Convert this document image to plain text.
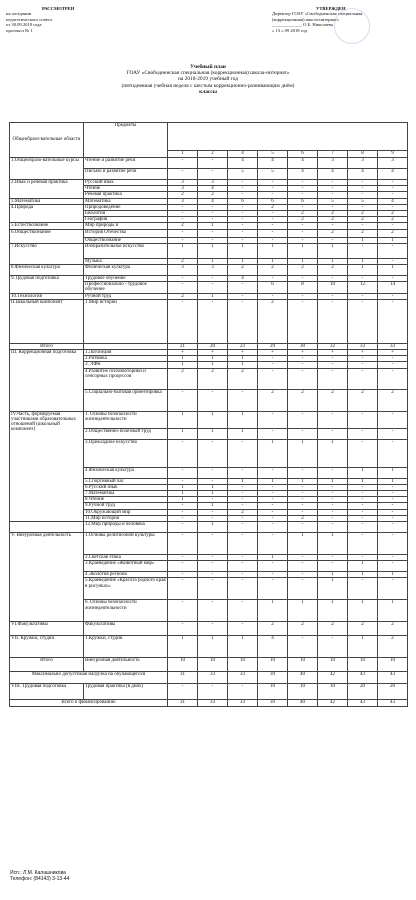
РАССМОТРЕН
на заседании
педагогического совета
от 30.09.2018 года
протокол № 1
УТВЕРЖДЕН
Директор ГОАУ «Свободненская специальная
(коррекционная) школа-интернат»
_____________ О.Б. Николаева
« 13 » 09 2018 год
Учебный план
ГОАУ «Свободненская специальная (коррекционная) школа-интернат»
на 2018-2019 учебный год
(пятидневная учебная неделя с шестым коррекционно-развивающим днём)
классы
Общеобразо-вательные области	Предметы								
		1	2	4	5	6	7	8	9
1.Общеобразо-вательные курсы	Чтение и развитие речи	-	-	4	4	4	3	3	3
	Письмо и развитие речи	-	-	5	5	4	4	4	4
2.Язык и речевая практика	Русский язык	3	3	-	-	-	-	-	-
	Чтение	3	4	-	-	-	-	-	-
	Речевая практика	2	2	-	-	-	-	-	-
3.Математика	Математика	3	4	6	6	6	5	5	4
4.Природа	Природоведение	-	-	-	2	-	-	-	-
	Биология	-	-	-	-	2	2	2	2
	География	-	-	-	-	2	2	2	2
5.Естествознание	Мир природы и	2	1	-	-	-	-	-	-
6.Обществознание	История Отечества	-	-	-	-	-	2	2	2
	Обществознание	-	-	-	-	-	-	1	1
7.Искусство	Изобразительное искусство	1	1	1	1	1	1	-	-
	Музыка	2	1	1	1	1	1	1	-
8.Физическая культура	Физическая культура	3	3	2	2	2	2	1	1
9.Трудовая подготовка	Трудовое обучение	-	-	4	-	-	-	-	-
	Профессионально - трудовое обучение	-	-	-	6	8	10	12	14
10.Технология	Ручной труд	2	1	-	-	-	-	-	-
II.Школьный компонент	1.Мир истории	-	-	-	2	-	-	-	-
Итого		21	20	23	29	30	32	33	33
III. Коррекционная подготовка	1.Логопедия	+	+	+	+	+	+	+	+
	2.Ритмика	1	1	1	-	-	-	-	-
	3. ЛФК	1	1	1	-	-	-	-	-
	4.Развитие психомоторики и сенсорных процессов	2	2	2	-	-	-	-	-
	5.Социально-бытовая ориентировка	-	-	-	2	2	2	2	2
IV.Часть, формируемая участниками образовательных отношений (школьный компонент)	1. Основы безопасности жизнедеятельности	1	1	1	-	-	-	-	-
	2.Общественно-полезный труд	1	1	1	-	-	-	-	-
	3.Прикладное искусство	-	-	-	1	1	1	-	-
	4.Физическая культура	-	-	-	-	-	-	1	1
	5.Спортивный час	-	-	1	1	1	1	1	1
	6.Русский язык	1	1	-	-	-	-	-	-
	7.Математика	1	1	-	-	-	-	-	-
	8.Чтение	1	-	-	-	-	-	-	-
	9.Ручной труд	-	1	-	-	-	-	-	-
	10.Окружающий мир	-	-	2	-	-	-	-	-
	11.Мир истории	-	-	-	-	2	-	-	-
	12.Мир природы и человека	-	1	-	-	-	-	-	-
V. Внеурочная деятельность	1.Основы религиозной культуры	-	-	-	-	1	1	-	-
	2.Светская этика	-	-	-	1	-	-	-	-
	3.Краеведение «Животный мир»	-	-	-	-	-	-	1	-
	4.Экология региона	-	-	-	-	-	1	1	1
	5.Краеведение «Красота родного края в рисунках»	-	-	-	-	-	1	-	-
	6. Основы безопасности жизнедеятельности	-	-	-	1	1	1	1	1
VI.Факультативы	Факультативы	-	-	-	2	2	2	2	2
VII. Кружки, студии	1.Кружки, студии	1	1	1	4	-	-	1	2
Итого	Внеурочная деятельность	10	10	10	10	10	10	10	10
Максимально допустимая нагрузка на обучающегося		31	33	33	39	40	42	43	43
VIII. Трудовая подготовка	Трудовая практика (в днях)	-	-	-	10	10	10	20	20
Всего к финансированию		31	33	33	39	40	42	43	43
Исп.: Л.М. Калашникова
Телефон: (84143) 3-13-44
